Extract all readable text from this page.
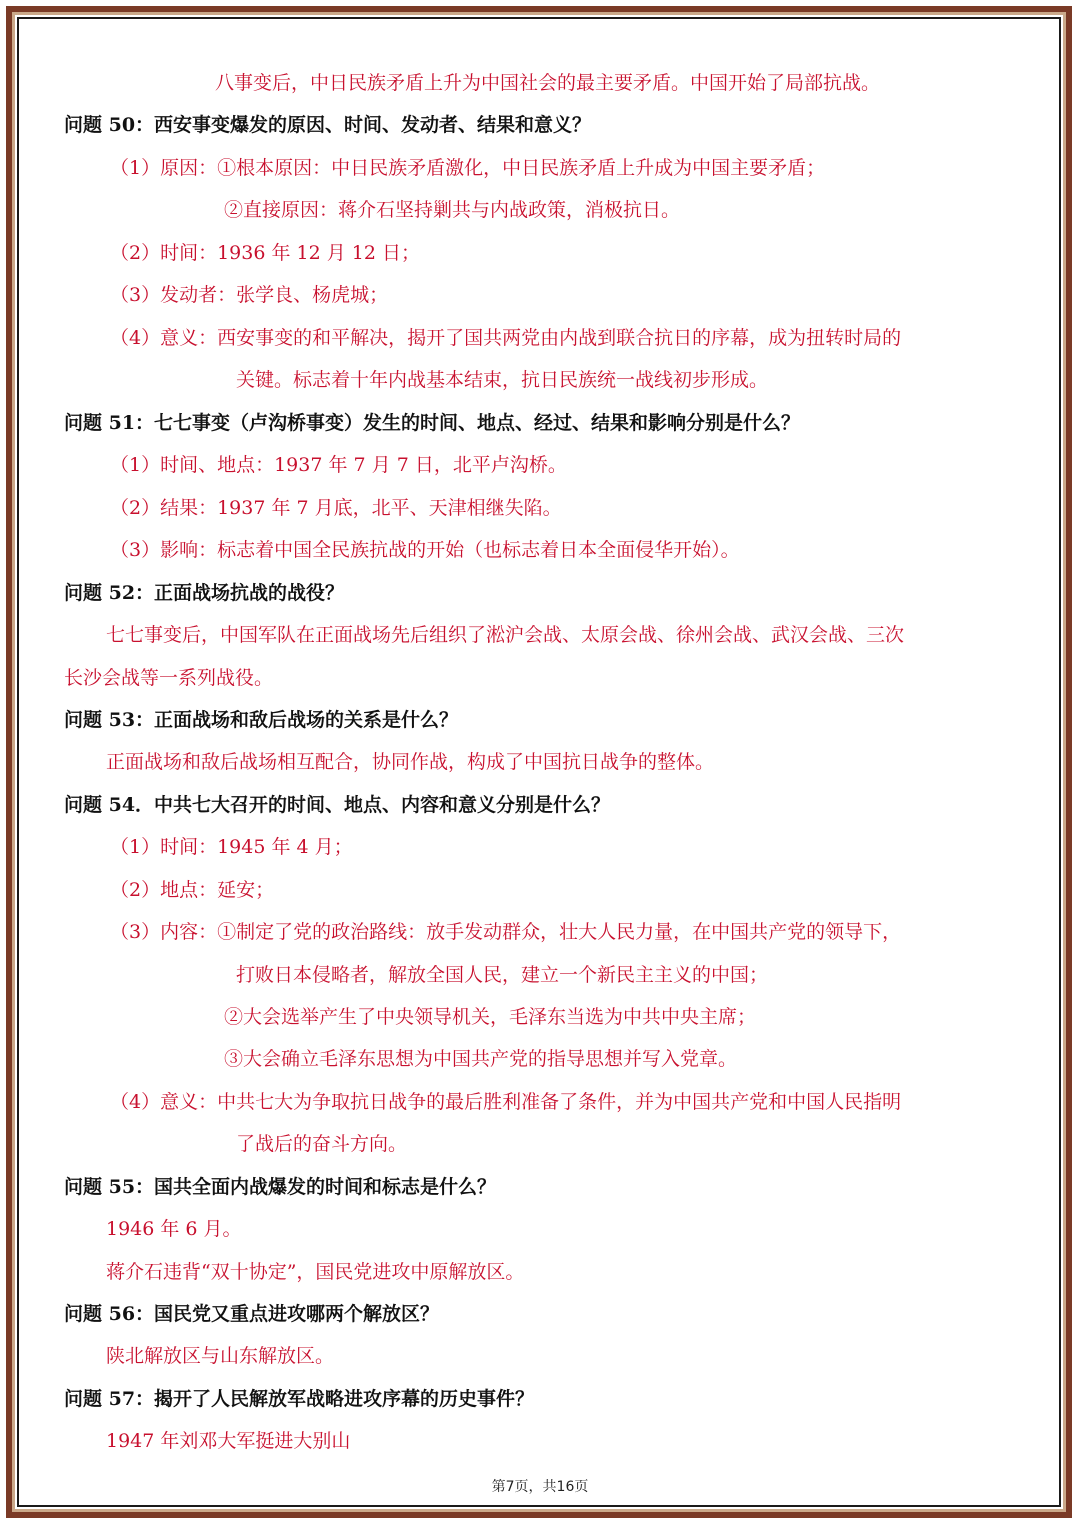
八事变后，中日民族矛盾上升为中国社会的最主要矛盾。中国开始了局部抗战。
问题 50：西安事变爆发的原因、时间、发动者、结果和意义？
（1）原因：①根本原因：中日民族矛盾激化，中日民族矛盾上升成为中国主要矛盾；
②直接原因：蒋介石坚持剿共与内战政策，消极抗日。
（2）时间：1936 年 12 月 12 日；
（3）发动者：张学良、杨虎城；
（4）意义：西安事变的和平解决，揭开了国共两党由内战到联合抗日的序幕，成为扭转时局的
关键。标志着十年内战基本结束，抗日民族统一战线初步形成。
问题 51：七七事变（卢沟桥事变）发生的时间、地点、经过、结果和影响分别是什么？
（1）时间、地点：1937 年 7 月 7 日，北平卢沟桥。
（2）结果：1937 年 7 月底，北平、天津相继失陷。
（3）影响：标志着中国全民族抗战的开始（也标志着日本全面侵华开始）。
问题 52：正面战场抗战的战役？
七七事变后，中国军队在正面战场先后组织了淞沪会战、太原会战、徐州会战、武汉会战、三次
长沙会战等一系列战役。
问题 53：正面战场和敌后战场的关系是什么？
正面战场和敌后战场相互配合，协同作战，构成了中国抗日战争的整体。
问题 54．中共七大召开的时间、地点、内容和意义分别是什么？
（1）时间：1945 年 4 月；
（2）地点：延安；
（3）内容：①制定了党的政治路线：放手发动群众，壮大人民力量，在中国共产党的领导下，
打败日本侵略者，解放全国人民，建立一个新民主主义的中国；
②大会选举产生了中央领导机关，毛泽东当选为中共中央主席；
③大会确立毛泽东思想为中国共产党的指导思想并写入党章。
（4）意义：中共七大为争取抗日战争的最后胜利准备了条件，并为中国共产党和中国人民指明
了战后的奋斗方向。
问题 55：国共全面内战爆发的时间和标志是什么？
1946 年 6 月。
蒋介石违背“双十协定”，国民党进攻中原解放区。
问题 56：国民党又重点进攻哪两个解放区？
陕北解放区与山东解放区。
问题 57：揭开了人民解放军战略进攻序幕的历史事件？
1947 年刘邓大军挺进大别山
第7页，共16页
